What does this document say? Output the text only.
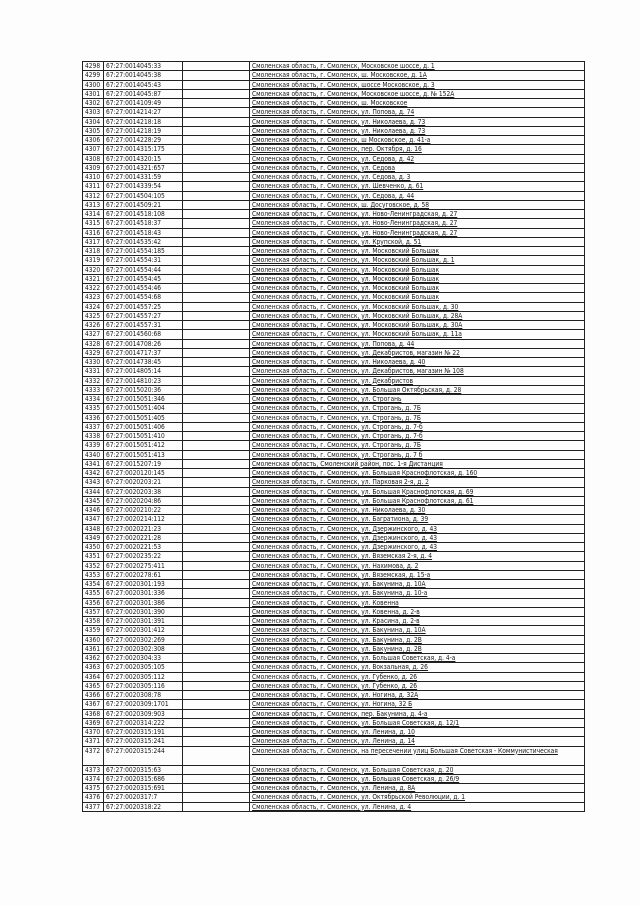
4298	67:27:0014045:33		Смоленская область, г. Смоленск, Московское шоссе, д. 1
4299	67:27:0014045:38		Смоленская область, г. Смоленск, ш. Московское, д. 1А
4300	67:27:0014045:43		Смоленская область, г. Смоленск, шоссе Московское, д. 3
4301	67:27:0014045:87		Смоленская область, г. Смоленск, Московское шоссе, д. № 152А
4302	67:27:0014109:49		Смоленская область, г. Смоленск, ш. Московское
4303	67:27:0014214:27		Смоленская область, г. Смоленск, ул. Попова, д. 74
4304	67:27:0014218:18		Смоленская область, г. Смоленск, ул. Николаева, д. 73
4305	67:27:0014218:19		Смоленская область, г. Смоленск, ул. Николаева, д. 73
4306	67:27:0014228:29		Смоленская область, г. Смоленск, ш Московское, д. 41-а
4307	67:27:0014315:175		Смоленская область, г. Смоленск, пер. Октября, д. 16
4308	67:27:0014320:15		Смоленская область, г. Смоленск, ул. Седова, д. 42
4309	67:27:0014321:657		Смоленская область, г. Смоленск, ул. Седова
4310	67:27:0014331:59		Смоленская область, г. Смоленск, ул. Седова, д. 3
4311	67:27:0014339:54		Смоленская область, г. Смоленск, ул. Шевченко, д. 61
4312	67:27:0014504:105		Смоленская область, г. Смоленск, ул. Седова, д. 44
4313	67:27:0014509:21		Смоленская область, г. Смоленск, ш. Досуговское, д. 58
4314	67:27:0014518:108		Смоленская область, г. Смоленск, ул. Ново-Ленинградская, д. 27
4315	67:27:0014518:37		Смоленская область, г. Смоленск, ул. Ново-Ленинградская, д. 27
4316	67:27:0014518:43		Смоленская область, г. Смоленск, ул. Ново-Ленинградская, д. 27
4317	67:27:0014535:42		Смоленская область, г. Смоленск, ул. Крупской, д. 51
4318	67:27:0014554:185		Смоленская область, г. Смоленск, ул. Московский Большак
4319	67:27:0014554:31		Смоленская область, г. Смоленск, ул. Московский Большак, д. 1
4320	67:27:0014554:44		Смоленская область, г. Смоленск, ул. Московский Большак
4321	67:27:0014554:45		Смоленская область, г. Смоленск, ул. Московский Большак
4322	67:27:0014554:46		Смоленская область, г. Смоленск, ул. Московский Большак
4323	67:27:0014554:68		Смоленская область, г. Смоленск, ул. Московский Большак
4324	67:27:0014557:25		Смоленская область, г. Смоленск, ул. Московский Большак, д. 30
4325	67:27:0014557:27		Смоленская область, г. Смоленск, ул. Московский Большак, д. 28А
4326	67:27:0014557:31		Смоленская область, г. Смоленск, ул. Московский Большак, д. 30А
4327	67:27:0014560:68		Смоленская область, г. Смоленск, ул. Московский Большак, д. 11а
4328	67:27:0014708:26		Смоленская область, г. Смоленск, ул. Попова, д. 44
4329	67:27:0014717:37		Смоленская область, г. Смоленск, ул. Декабристов, магазин № 22
4330	67:27:0014738:45		Смоленская область, г. Смоленск, ул. Николаева, д. 40
4331	67:27:0014805:14		Смоленская область, г. Смоленск, ул. Декабристов, магазин № 108
4332	67:27:0014810:23		Смоленская область, г. Смоленск, ул. Декабристов
4333	67:27:0015020:36		Смоленская область, г. Смоленск, ул. Большая Октябрьская, д. 28
4334	67:27:0015051:346		Смоленская область, г. Смоленск, ул. Строгань
4335	67:27:0015051:404		Смоленская область, г. Смоленск, ул. Строгань, д. 7Б
4336	67:27:0015051:405		Смоленская область, г. Смоленск, ул. Строгань, д. 7Б
4337	67:27:0015051:406		Смоленская область, г. Смоленск, ул. Строгань, д. 7-б
4338	67:27:0015051:410		Смоленская область, г. Смоленск, ул. Строгань, д. 7-б
4339	67:27:0015051:412		Смоленская область, г. Смоленск, ул. Строгань, д. 7Б
4340	67:27:0015051:413		Смоленская область, г. Смоленск, ул. Строгань, д. 7 б
4341	67:27:0015207:19		Смоленская область, Смоленский район, пос. 1-я Дистанция
4342	67:27:0020120:145		Смоленская область, г. Смоленск, ул. Большая Краснофлотская, д. 160
4343	67:27:0020203:21		Смоленская область, г. Смоленск, ул. Парковая 2-я, д. 2
4344	67:27:0020203:38		Смоленская область, г. Смоленск, ул. Большая Краснофлотская, д. 69
4345	67:27:0020204:86		Смоленская область, г. Смоленск, ул. Большая Краснофлотская, д. 61
4346	67:27:0020210:22		Смоленская область, г. Смоленск, ул. Николаева, д. 30
4347	67:27:0020214:112		Смоленская область, г. Смоленск, ул. Багратиона, д. 39
4348	67:27:0020221:23		Смоленская область, г. Смоленск, ул. Дзержинского, д. 43
4349	67:27:0020221:28		Смоленская область, г. Смоленск, ул. Дзержинского, д. 43
4350	67:27:0020221:53		Смоленская область, г. Смоленск, ул. Дзержинского, д. 43
4351	67:27:0020235:22		Смоленская область, г. Смоленск, ул. Вяземская 2-я, д. 4
4352	67:27:0020275:411		Смоленская область, г. Смоленск, ул. Нахимова, д. 2
4353	67:27:0020278:61		Смоленская область, г. Смоленск, ул. Вяземская, д. 15-а
4354	67:27:0020301:193		Смоленская область, г. Смоленск, ул. Бакунина, д. 10А
4355	67:27:0020301:336		Смоленская область, г. Смоленск, ул. Бакунина, д. 10-а
4356	67:27:0020301:386		Смоленская область, г. Смоленск, ул. Ковенна
4357	67:27:0020301:390		Смоленская область, г. Смоленск, ул. Ковенна, д. 2-в
4358	67:27:0020301:391		Смоленская область, г. Смоленск, ул. Красина, д. 2-в
4359	67:27:0020301:412		Смоленская область, г. Смоленск, ул. Бакунина, д. 10А
4360	67:27:0020302:269		Смоленская область, г. Смоленск, ул. Бакунина, д. 2В
4361	67:27:0020302:308		Смоленская область, г. Смоленск, ул. Бакунина, д. 2В
4362	67:27:0020304:33		Смоленская область, г. Смоленск, ул. Большая Советская, д. 4-а
4363	67:27:0020305:105		Смоленская область, г. Смоленск, ул. Вокзальная, д. 26
4364	67:27:0020305:112		Смоленская область, г. Смоленск, ул. Губенко, д. 26
4365	67:27:0020305:116		Смоленская область, г. Смоленск, ул. Губенко, д. 26
4366	67:27:0020308:78		Смоленская область, г. Смоленск, ул. Ногина, д. 32А
4367	67:27:0020309:1701		Смоленская область, г. Смоленск, ул. Ногина, 32 Б
4368	67:27:0020309:903		Смоленская область, г. Смоленск, пер. Бакунина, д. 4-а
4369	67:27:0020314:222		Смоленская область, г. Смоленск, ул. Большая Советская, д. 12/1
4370	67:27:0020315:191		Смоленская область, г. Смоленск, ул. Ленина, д. 10
4371	67:27:0020315:241		Смоленская область, г. Смоленск, ул. Ленина, д. 14
4372	67:27:0020315:244		Смоленская область, г. Смоленск, на пересечении улиц Большая Советская - Коммунистическая
4373	67:27:0020315:63		Смоленская область, г. Смоленск, ул. Большая Советская, д. 20
4374	67:27:0020315:686		Смоленская область, г. Смоленск, ул. Большая Советская, д. 26/9
4375	67:27:0020315:691		Смоленская область, г. Смоленск, ул. Ленина, д. 8А
4376	67:27:0020317:7		Смоленская область, г. Смоленск, ул. Октябрьской Революции, д. 1
4377	67:27:0020318:22		Смоленская область, г. Смоленск, ул. Ленина, д. 4
